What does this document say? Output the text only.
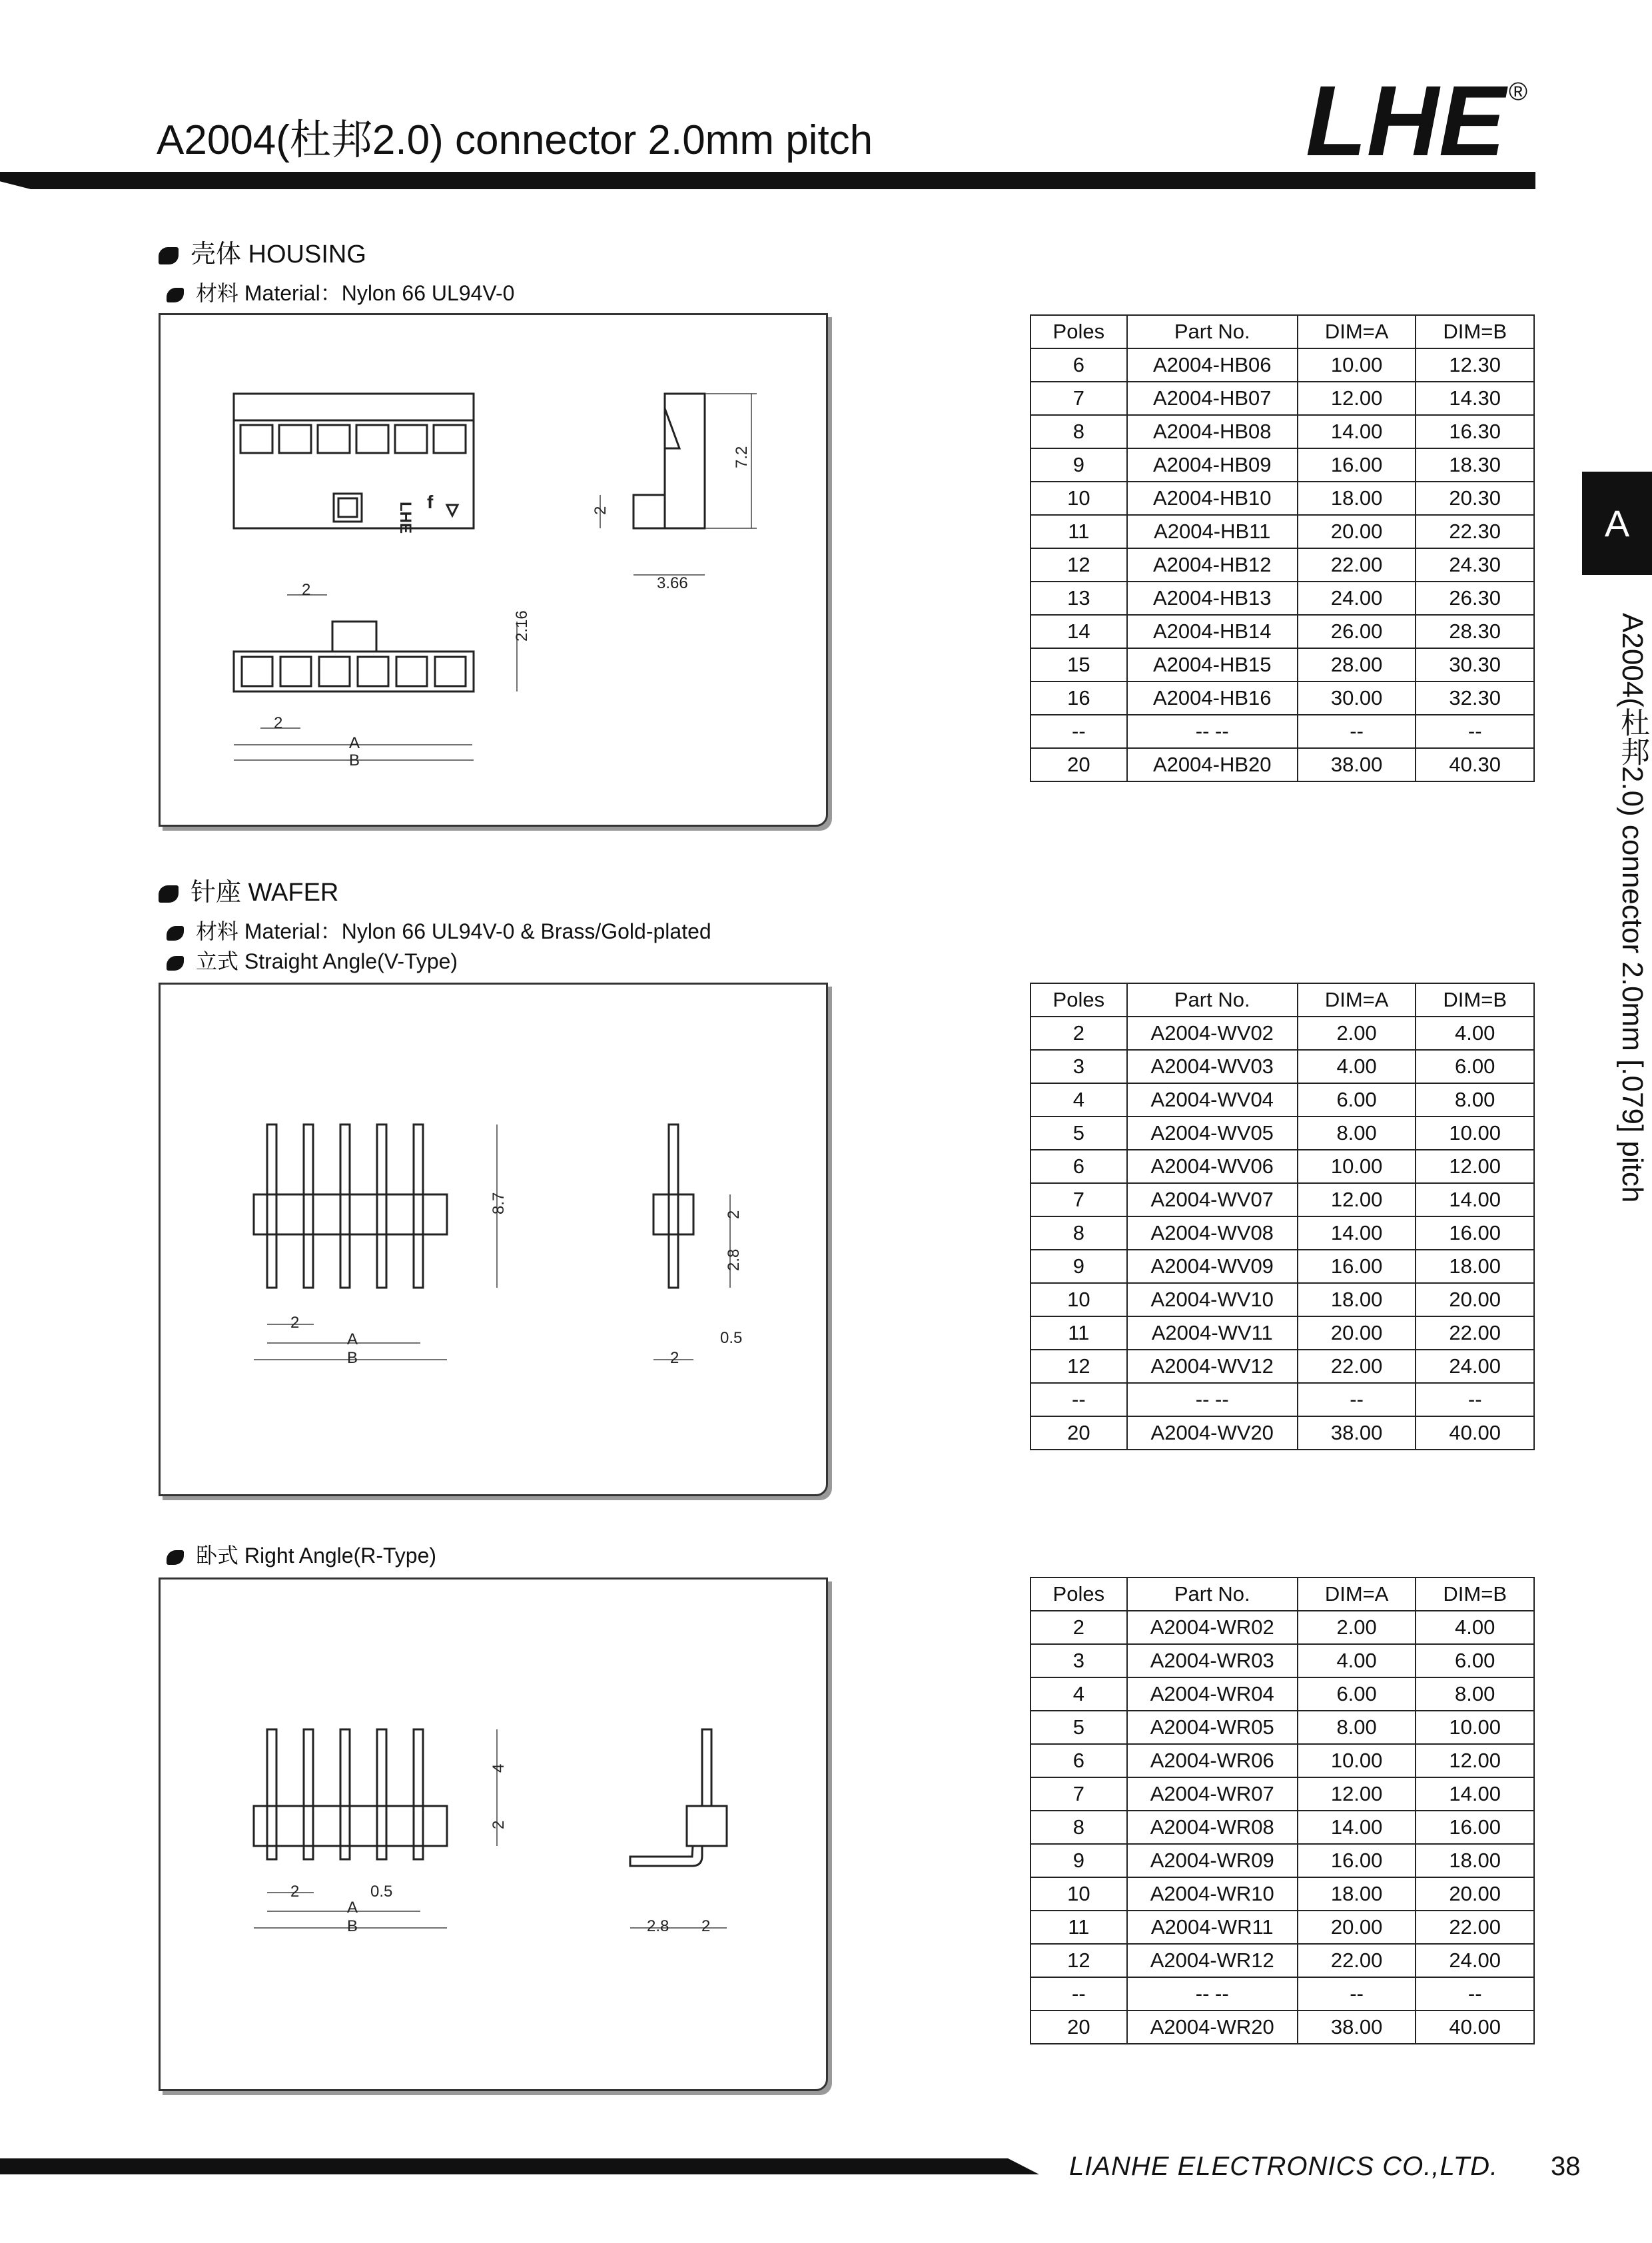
A2004(杜邦2.0) connector 2.0mm pitch	LHE ®
A
A2004(杜邦2.0) connector 2.0mm [.079] pitch
壳体 HOUSING
材料 Material：Nylon 66 UL94V-0
7.2
2
3.66
2
2.16
2
A
B
f
LHE
Poles	Part No.	DIM=A	DIM=B
6	A2004-HB06	10.00	12.30
7	A2004-HB07	12.00	14.30
8	A2004-HB08	14.00	16.30
9	A2004-HB09	16.00	18.30
10	A2004-HB10	18.00	20.30
11	A2004-HB11	20.00	22.30
12	A2004-HB12	22.00	24.30
13	A2004-HB13	24.00	26.30
14	A2004-HB14	26.00	28.30
15	A2004-HB15	28.00	30.30
16	A2004-HB16	30.00	32.30
--	-- --	--	--
20	A2004-HB20	38.00	40.30
针座 WAFER
材料 Material：Nylon 66 UL94V-0 & Brass/Gold-plated
立式 Straight Angle(V-Type)
8.7
2
A
B
2
2.8
0.5
2
Poles	Part No.	DIM=A	DIM=B
2	A2004-WV02	2.00	4.00
3	A2004-WV03	4.00	6.00
4	A2004-WV04	6.00	8.00
5	A2004-WV05	8.00	10.00
6	A2004-WV06	10.00	12.00
7	A2004-WV07	12.00	14.00
8	A2004-WV08	14.00	16.00
9	A2004-WV09	16.00	18.00
10	A2004-WV10	18.00	20.00
11	A2004-WV11	20.00	22.00
12	A2004-WV12	22.00	24.00
--	-- --	--	--
20	A2004-WV20	38.00	40.00
卧式 Right Angle(R-Type)
4
2
2	0.5
A
B	2.8 2
Poles	Part No.	DIM=A	DIM=B
2	A2004-WR02	2.00	4.00
3	A2004-WR03	4.00	6.00
4	A2004-WR04	6.00	8.00
5	A2004-WR05	8.00	10.00
6	A2004-WR06	10.00	12.00
7	A2004-WR07	12.00	14.00
8	A2004-WR08	14.00	16.00
9	A2004-WR09	16.00	18.00
10	A2004-WR10	18.00	20.00
11	A2004-WR11	20.00	22.00
12	A2004-WR12	22.00	24.00
--	-- --	--	--
20	A2004-WR20	38.00	40.00
LIANHE ELECTRONICS CO.,LTD. 38
